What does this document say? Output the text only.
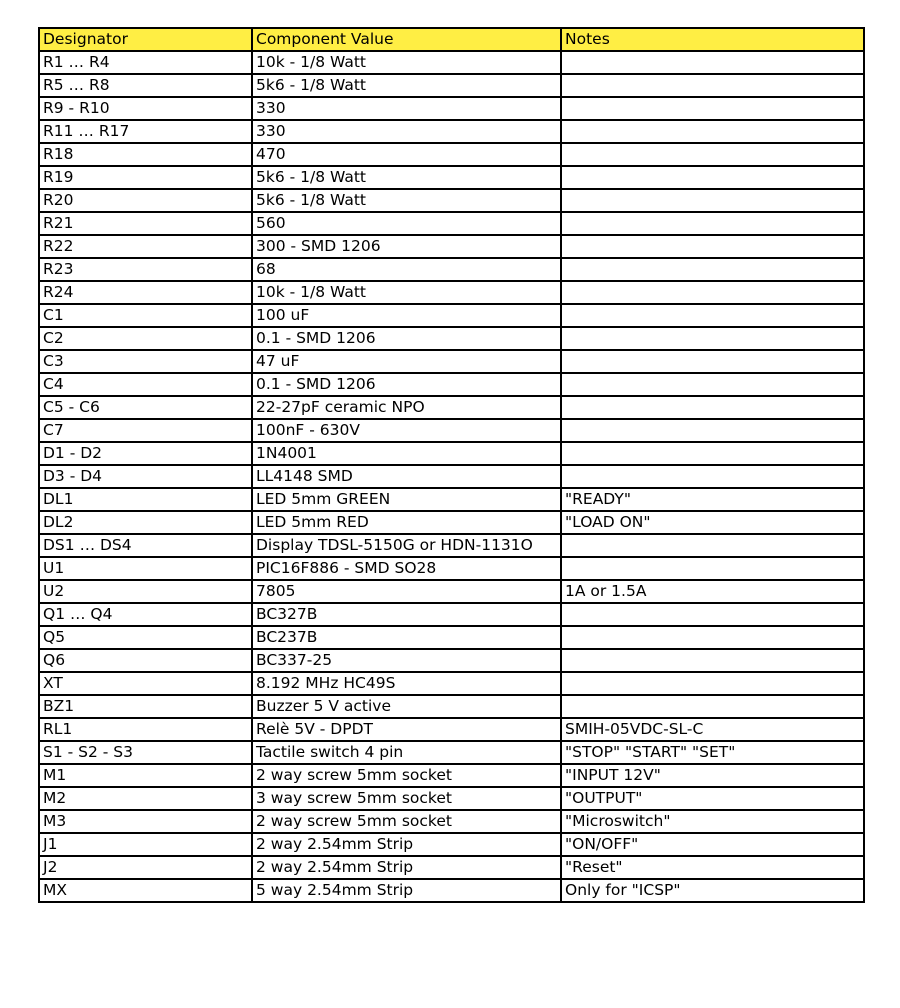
Designator	Component Value	Notes
R1 … R4	10k - 1/8 Watt	
R5 … R8	5k6 - 1/8 Watt	
R9 - R10	330	
R11 … R17	330	
R18	470	
R19	5k6 - 1/8 Watt	
R20	5k6 - 1/8 Watt	
R21	560	
R22	300 - SMD 1206	
R23	68	
R24	10k - 1/8 Watt	
C1	100 uF	
C2	0.1 - SMD 1206	
C3	47 uF	
C4	0.1 - SMD 1206	
C5 - C6	22-27pF ceramic NPO	
C7	100nF - 630V	
D1 - D2	1N4001	
D3 - D4	LL4148 SMD	
DL1	LED 5mm GREEN	"READY"
DL2	LED 5mm RED	"LOAD ON"
DS1 … DS4	Display TDSL-5150G or HDN-1131O	
U1	PIC16F886 - SMD SO28	
U2	7805	1A or 1.5A
Q1 … Q4	BC327B	
Q5	BC237B	
Q6	BC337-25	
XT	8.192 MHz HC49S	
BZ1	Buzzer 5 V active	
RL1	Relè 5V - DPDT	SMIH-05VDC-SL-C
S1 - S2 - S3	Tactile switch 4 pin	"STOP" "START" "SET"
M1	2 way screw 5mm socket	"INPUT 12V"
M2	3 way screw 5mm socket	"OUTPUT"
M3	2 way screw 5mm socket	"Microswitch"
J1	2 way 2.54mm Strip	"ON/OFF"
J2	2 way 2.54mm Strip	"Reset"
MX	5 way 2.54mm Strip	Only for "ICSP"
